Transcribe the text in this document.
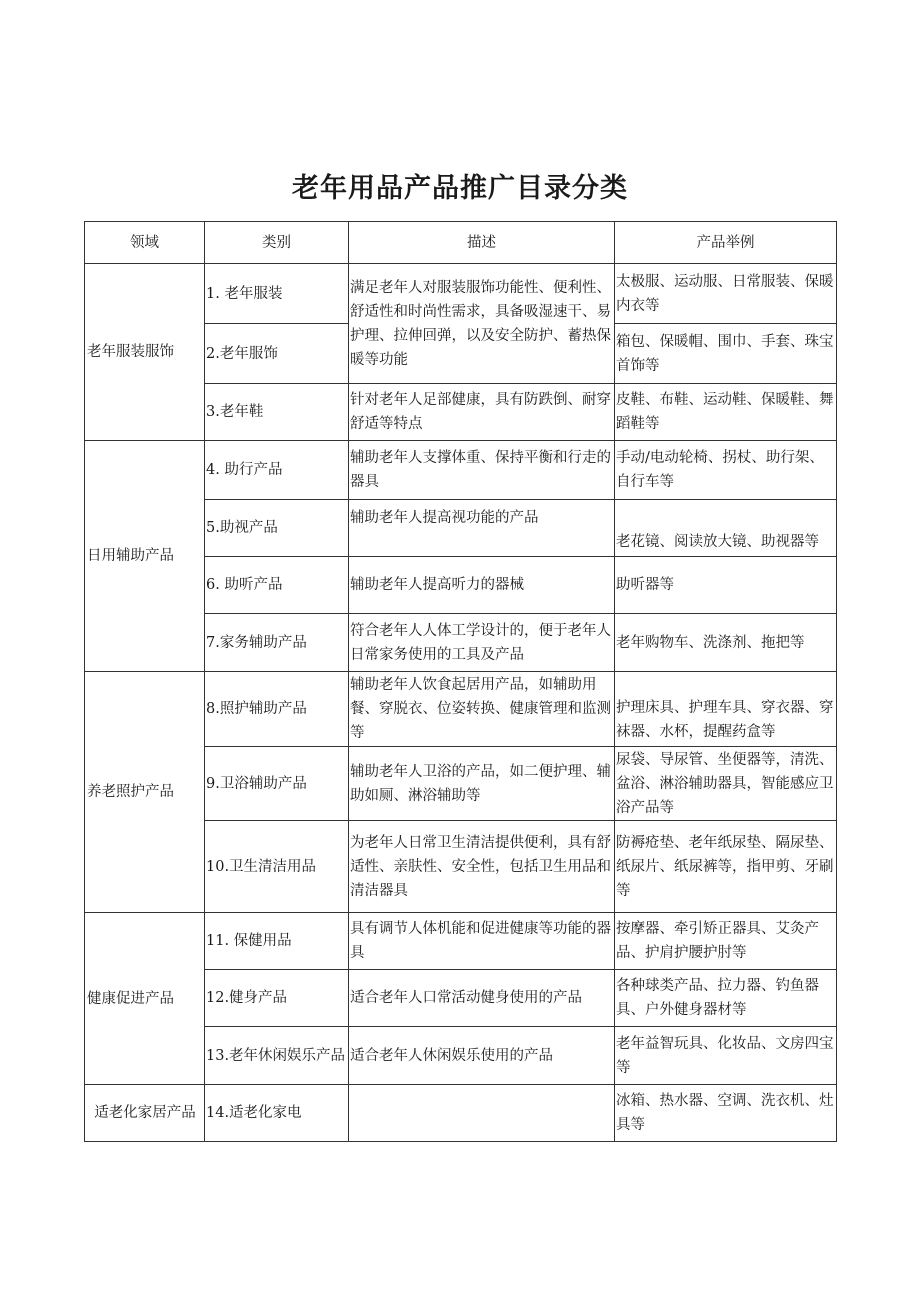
老年用品产品推广目录分类
领域	类别	描述	产品举例
老年服装服饰	1. 老年服装	满足老年人对服装服饰功能性、便利性、舒适性和时尚性需求，具备吸湿速干、易护理、拉伸回弹，以及安全防护、蓄热保暖等功能	太极服、运动服、日常服装、保暖内衣等
	2.老年服饰		箱包、保暖帽、围巾、手套、珠宝首饰等
	3.老年鞋	针对老年人足部健康，具有防跌倒、耐穿舒适等特点	皮鞋、布鞋、运动鞋、保暖鞋、舞蹈鞋等
日用辅助产品	4. 助行产品	辅助老年人支撑体重、保持平衡和行走的器具	手动/电动轮椅、拐杖、助行架、自行车等
	5.助视产品	辅助老年人提高视功能的产品	老花镜、阅读放大镜、助视器等
	6. 助听产品	辅助老年人提高听力的器械	助听器等
	7.家务辅助产品	符合老年人人体工学设计的，便于老年人日常家务使用的工具及产品	老年购物车、洗涤剂、拖把等
养老照护产品	8.照护辅助产品	辅助老年人饮食起居用产品，如辅助用餐、穿脱衣、位姿转换、健康管理和监测等	护理床具、护理车具、穿衣器、穿袜器、水杯，提醒药盒等
	9.卫浴辅助产品	辅助老年人卫浴的产品，如二便护理、辅助如厕、淋浴辅助等	尿袋、导尿管、坐便器等，清洗、盆浴、淋浴辅助器具，智能感应卫浴产品等
	10.卫生清洁用品	为老年人日常卫生清洁提供便利，具有舒适性、亲肤性、安全性，包括卫生用品和清洁器具	防褥疮垫、老年纸尿垫、隔尿垫、纸尿片、纸尿裤等，指甲剪、牙刷等
健康促进产品	11. 保健用品	具有调节人体机能和促进健康等功能的器具	按摩器、牵引矫正器具、艾灸产品、护肩护腰护肘等
	12.健身产品	适合老年人口常活动健身使用的产品	各种球类产品、拉力器、钓鱼器具、户外健身器材等
	13.老年休闲娱乐产品	适合老年人休闲娱乐使用的产品	老年益智玩具、化妆品、文房四宝等
适老化家居产品	14.适老化家电		冰箱、热水器、空调、洗衣机、灶具等
